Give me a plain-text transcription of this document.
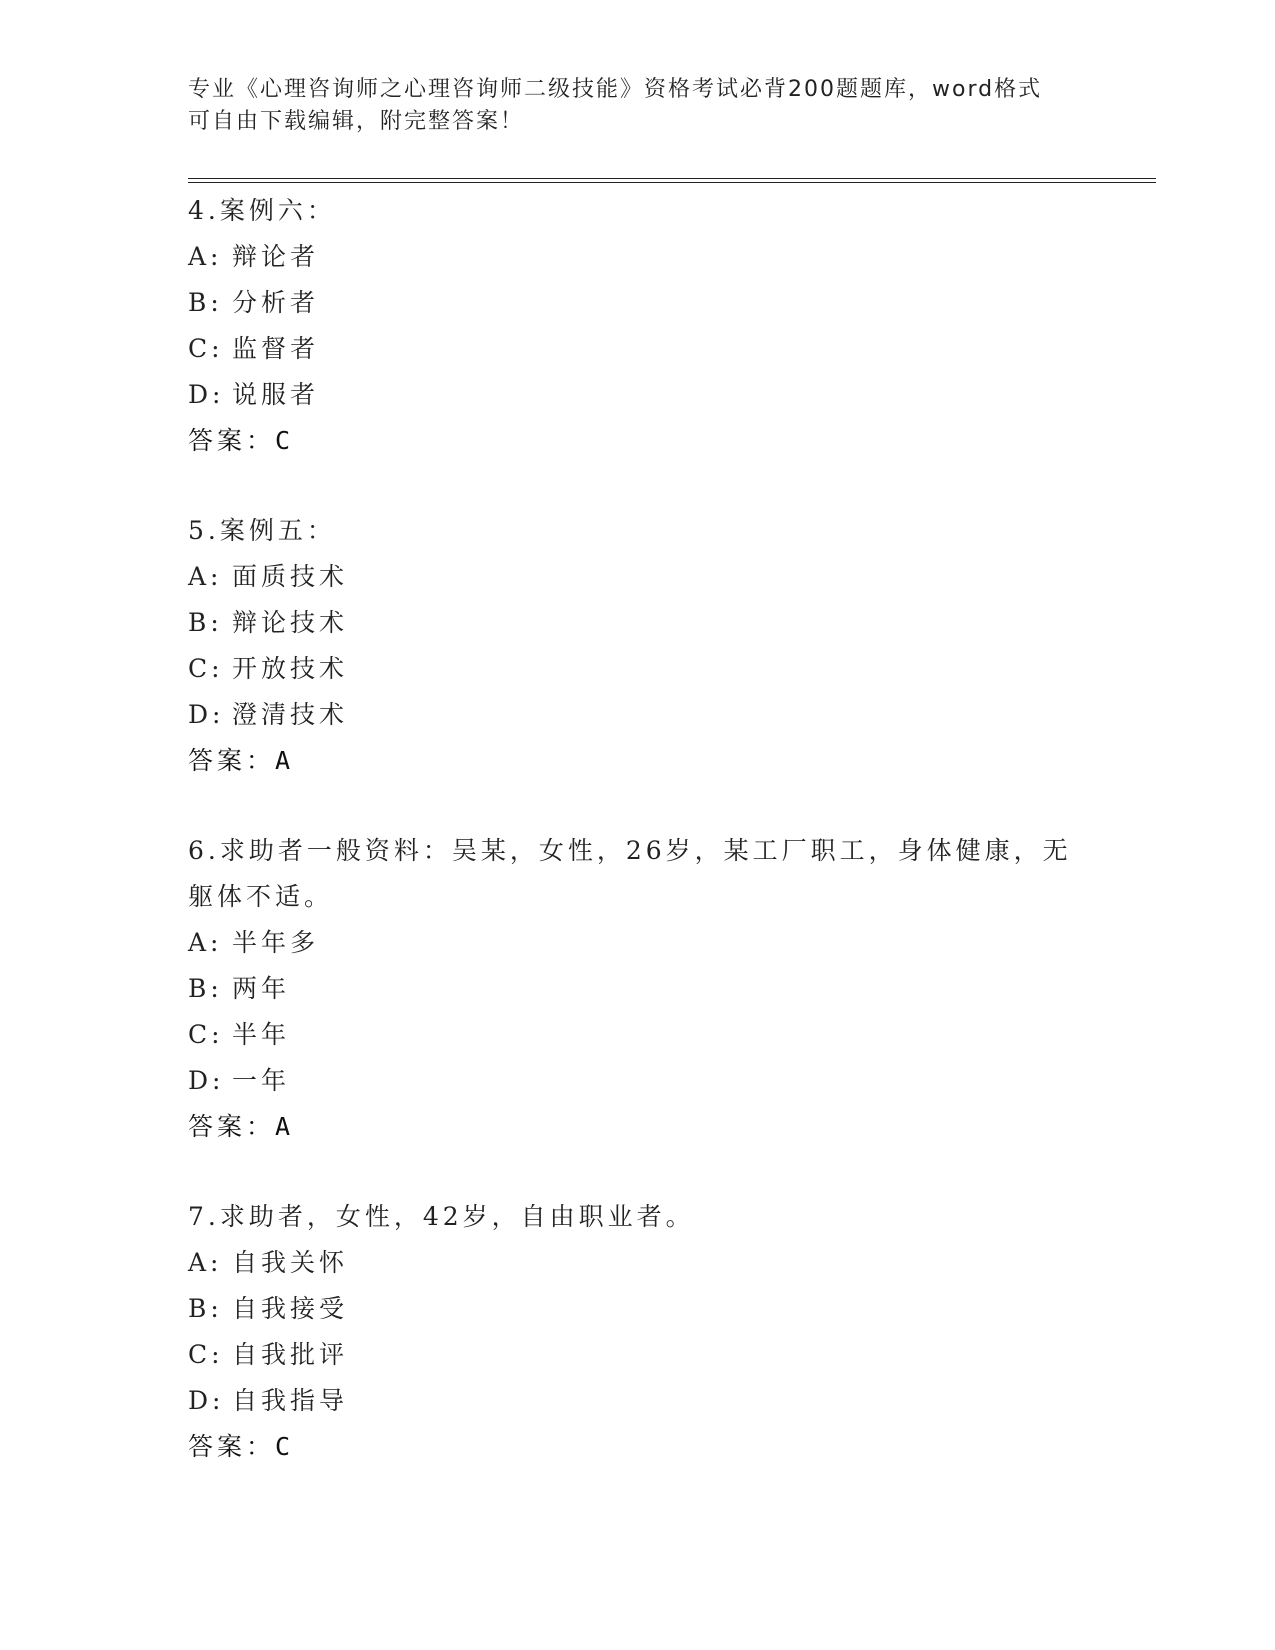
专业《心理咨询师之心理咨询师二级技能》资格考试必背200题题库，word格式
可自由下载编辑，附完整答案！
4.案例六：
A: 辩论者
B: 分析者
C: 监督者
D: 说服者
答案：C
5.案例五：
A: 面质技术
B: 辩论技术
C: 开放技术
D: 澄清技术
答案：A
6.求助者一般资料：吴某，女性，26岁，某工厂职工，身体健康，无
躯体不适。
A: 半年多
B: 两年
C: 半年
D: 一年
答案：A
7.求助者，女性，42岁，自由职业者。
A: 自我关怀
B: 自我接受
C: 自我批评
D: 自我指导
答案：C
